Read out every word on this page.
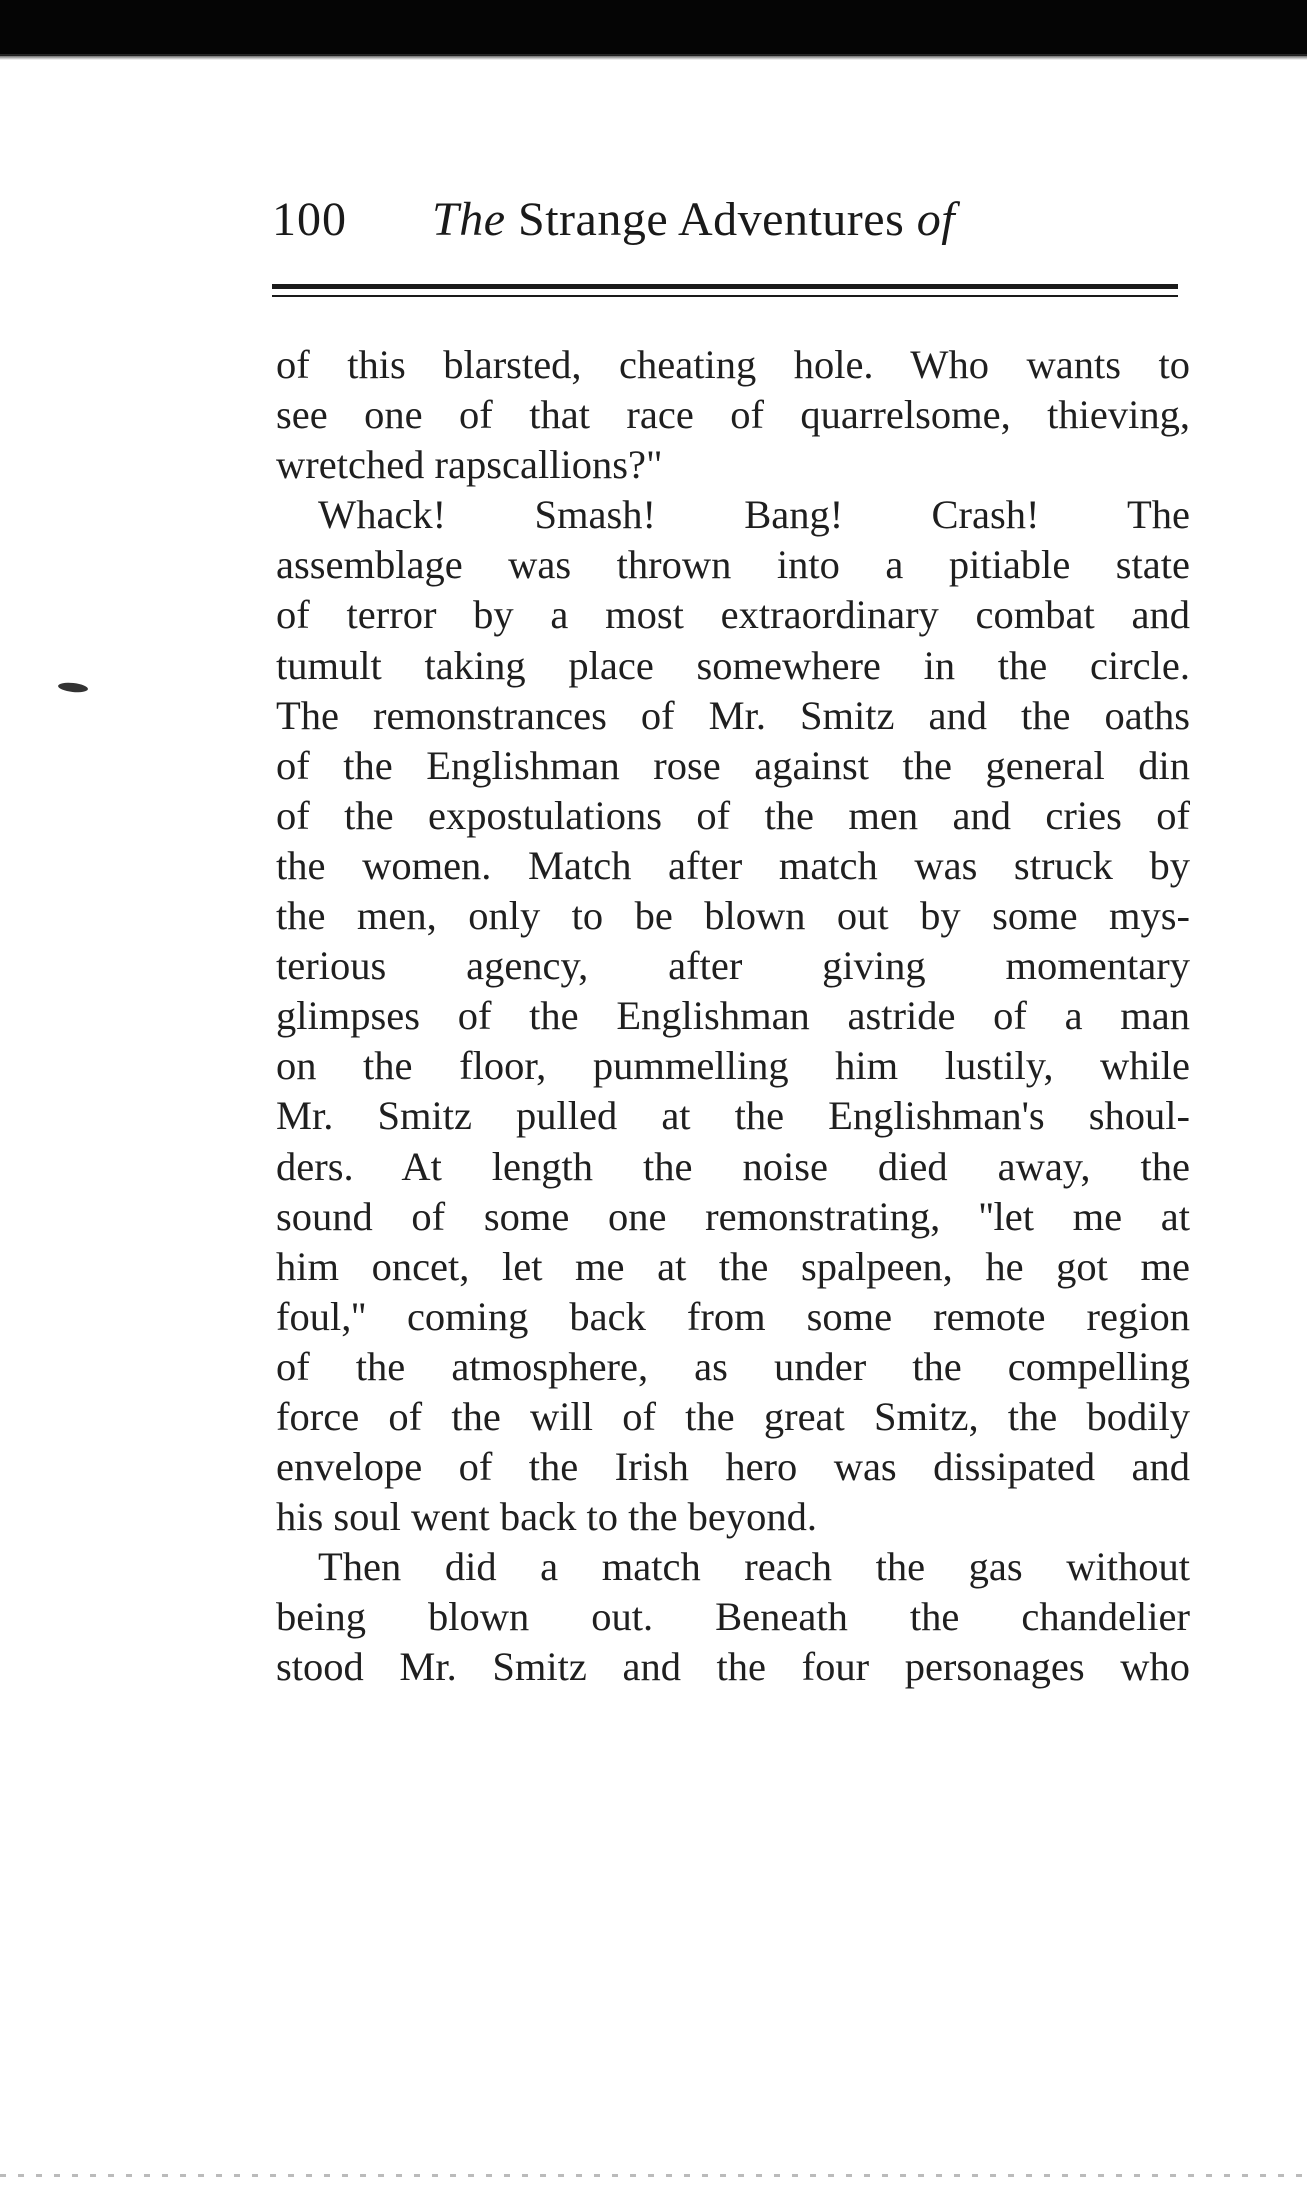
100 The Strange Adventures of
of this blarsted, cheating hole. Who wants to
see one of that race of quarrelsome, thieving,
wretched rapscallions?"
Whack! Smash! Bang! Crash! The
assemblage was thrown into a pitiable state
of terror by a most extraordinary combat and
tumult taking place somewhere in the circle.
The remonstrances of Mr. Smitz and the oaths
of the Englishman rose against the general din
of the expostulations of the men and cries of
the women. Match after match was struck by
the men, only to be blown out by some mys-
terious agency, after giving momentary
glimpses of the Englishman astride of a man
on the floor, pummelling him lustily, while
Mr. Smitz pulled at the Englishman's shoul-
ders. At length the noise died away, the
sound of some one remonstrating, ''let me at
him oncet, let me at the spalpeen, he got me
foul,'' coming back from some remote region
of the atmosphere, as under the compelling
force of the will of the great Smitz, the bodily
envelope of the Irish hero was dissipated and
his soul went back to the beyond.
Then did a match reach the gas without
being blown out. Beneath the chandelier
stood Mr. Smitz and the four personages who
